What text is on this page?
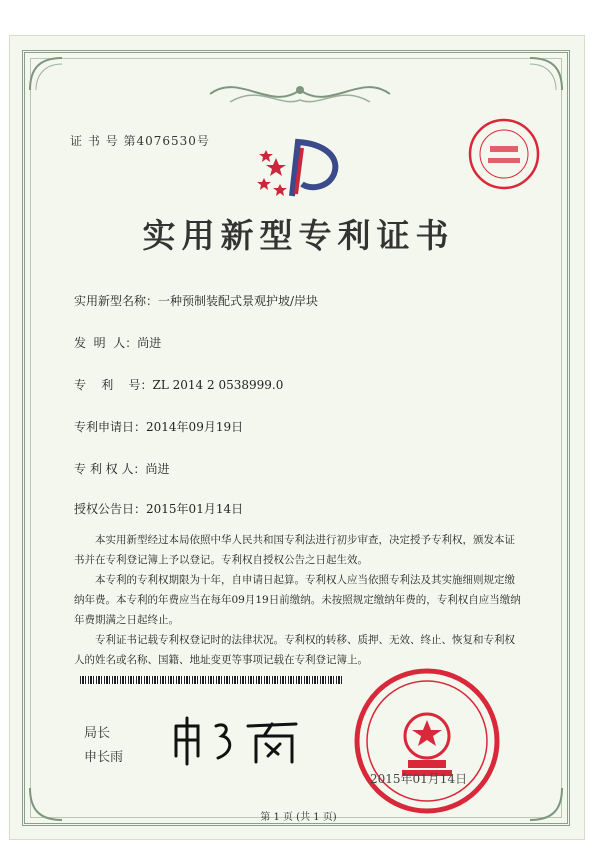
证 书 号 第4076530号
实用新型专利证书
实用新型名称：一种预制装配式景观护坡/岸块
发  明  人：尚进
专    利    号：ZL 2014 2 0538999.0
专利申请日：2014年09月19日
专 利 权 人：尚进
授权公告日：2015年01月14日

本实用新型经过本局依照中华人民共和国专利法进行初步审查，决定授予专利权，颁发本证书并在专利登记簿上予以登记。专利权自授权公告之日起生效。

本专利的专利权期限为十年，自申请日起算。专利权人应当依照专利法及其实施细则规定缴纳年费。本专利的年费应当在每年09月19日前缴纳。未按照规定缴纳年费的，专利权自应当缴纳年费期满之日起终止。

专利证书记载专利权登记时的法律状况。专利权的转移、质押、无效、终止、恢复和专利权人的姓名或名称、国籍、地址变更等事项记载在专利登记簿上。

局长
申长雨
2015年01月14日
第 1 页 (共 1 页)
